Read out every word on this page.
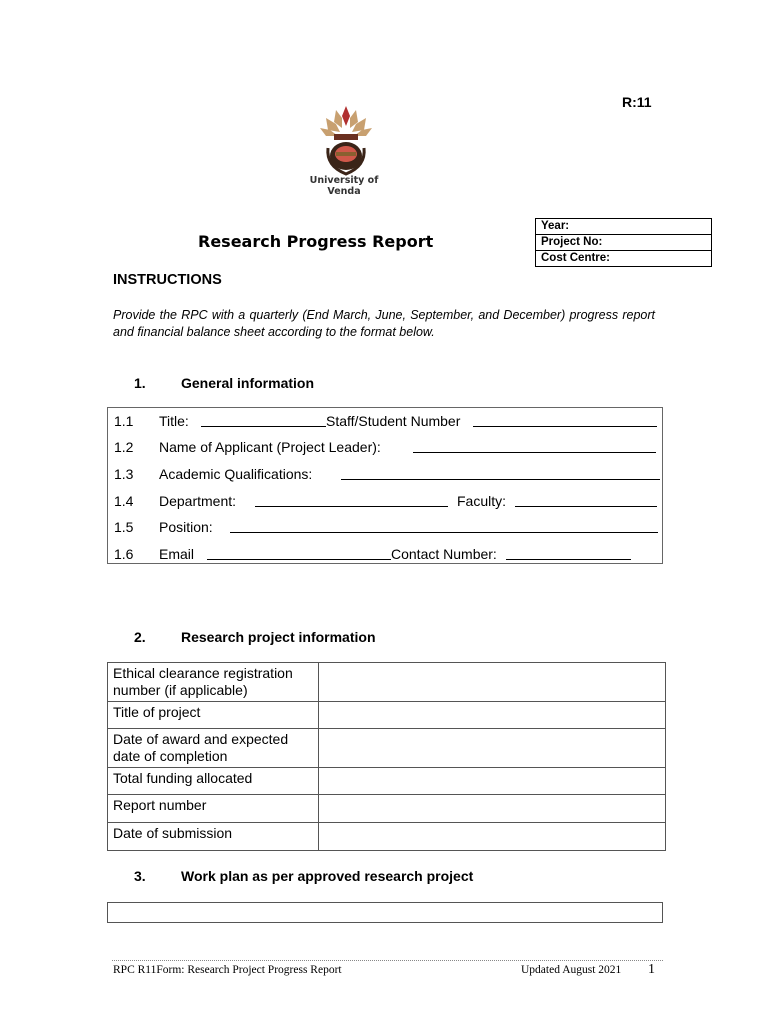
R:11
University of Venda
Research Progress Report
Year:
Project No:
Cost Centre:
INSTRUCTIONS
Provide the RPC with a quarterly (End March, June, September, and December) progress report and financial balance sheet according to the format below.
1.	General information
1.1	Title:	Staff/Student Number
1.2	Name of Applicant (Project Leader):
1.3	Academic Qualifications:
1.4	Department:	Faculty:
1.5	Position:
1.6	Email	Contact Number:
2.	Research project information
Ethical clearance registration number (if applicable)	
Title of project	
Date of award and expected date of completion	
Total funding allocated	
Report number	
Date of submission	
3.	Work plan as per approved research project
RPC R11Form: Research Project Progress Report	Updated August 2021 1
